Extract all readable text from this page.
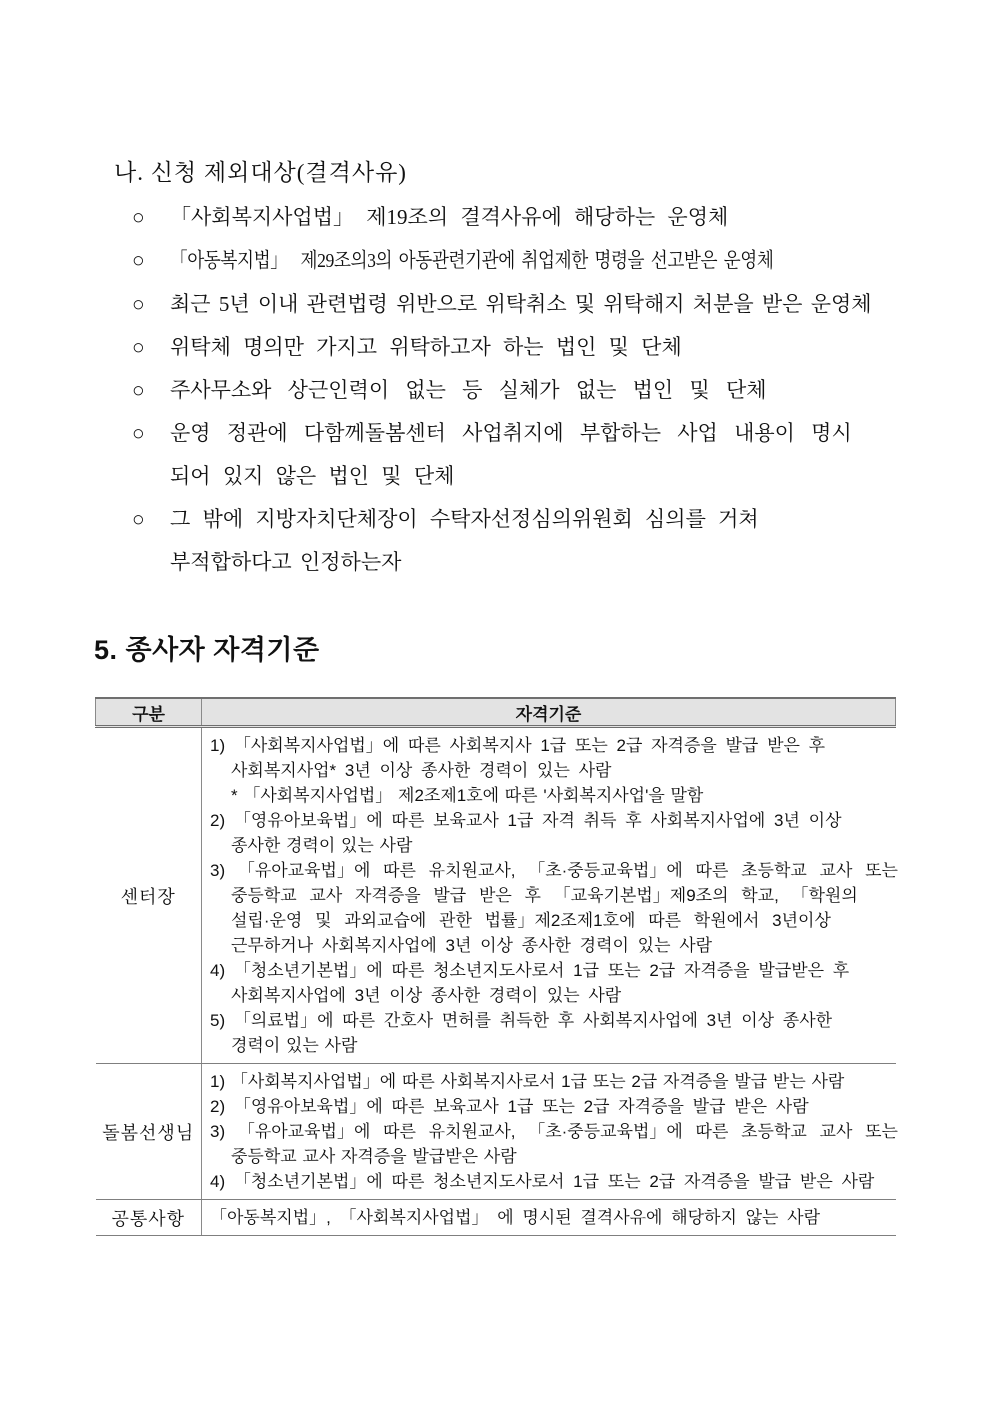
나. 신청 제외대상(결격사유)
○	「사회복지사업법」 제19조의 결격사유에 해당하는 운영체
○	「아동복지법」  제29조의3의 아동관련기관에 취업제한 명령을 선고받은 운영체
○	최근 5년 이내 관련법령 위반으로 위탁취소 및 위탁해지 처분을 받은 운영체
○	위탁체 명의만 가지고 위탁하고자 하는 법인 및 단체
○	주사무소와 상근인력이 없는 등 실체가 없는 법인 및 단체
○	운영 정관에 다함께돌봄센터 사업취지에 부합하는 사업 내용이 명시
되어 있지 않은 법인 및 단체
○	그 밖에 지방자치단체장이 수탁자선정심의위원회 심의를 거쳐
부적합하다고 인정하는자
5. 종사자 자격기준
구분	자격기준
센터장	
1) 「사회복지사업법」에 따른 사회복지사 1급 또는 2급 자격증을 발급 받은 후
사회복지사업* 3년 이상 종사한 경력이 있는 사람
* 「사회복지사업법」 제2조제1호에 따른 '사회복지사업'을 말함
2) 「영유아보육법」에 따른 보육교사 1급 자격 취득 후 사회복지사업에 3년 이상
종사한 경력이 있는 사람
3) 「유아교육법」에 따른 유치원교사, 「초·중등교육법」에 따른 초등학교 교사 또는
중등학교 교사 자격증을 발급 받은 후 「교육기본법」제9조의 학교, 「학원의
설립·운영 및 과외교습에 관한 법률」제2조제1호에 따른 학원에서 3년이상
근무하거나 사회복지사업에 3년 이상 종사한 경력이 있는 사람
4) 「청소년기본법」에 따른 청소년지도사로서 1급 또는 2급 자격증을 발급받은 후
사회복지사업에 3년 이상 종사한 경력이 있는 사람
5) 「의료법」에 따른 간호사 면허를 취득한 후 사회복지사업에 3년 이상 종사한
경력이 있는 사람

돌봄선생님	1) 「사회복지사업법」에 따른 사회복지사로서 1급 또는 2급 자격증을 발급 받는 사람
2) 「영유아보육법」에 따른 보육교사 1급 또는 2급 자격증을 발급 받은 사람
3) 「유아교육법」에 따른 유치원교사, 「초·중등교육법」에 따른 초등학교 교사 또는
중등학교 교사 자격증을 발급받은 사람
4) 「청소년기본법」에 따른 청소년지도사로서 1급 또는 2급 자격증을 발급 받은 사람

공통사항	「아동복지법」, 「사회복지사업법」 에 명시된 결격사유에 해당하지 않는 사람
